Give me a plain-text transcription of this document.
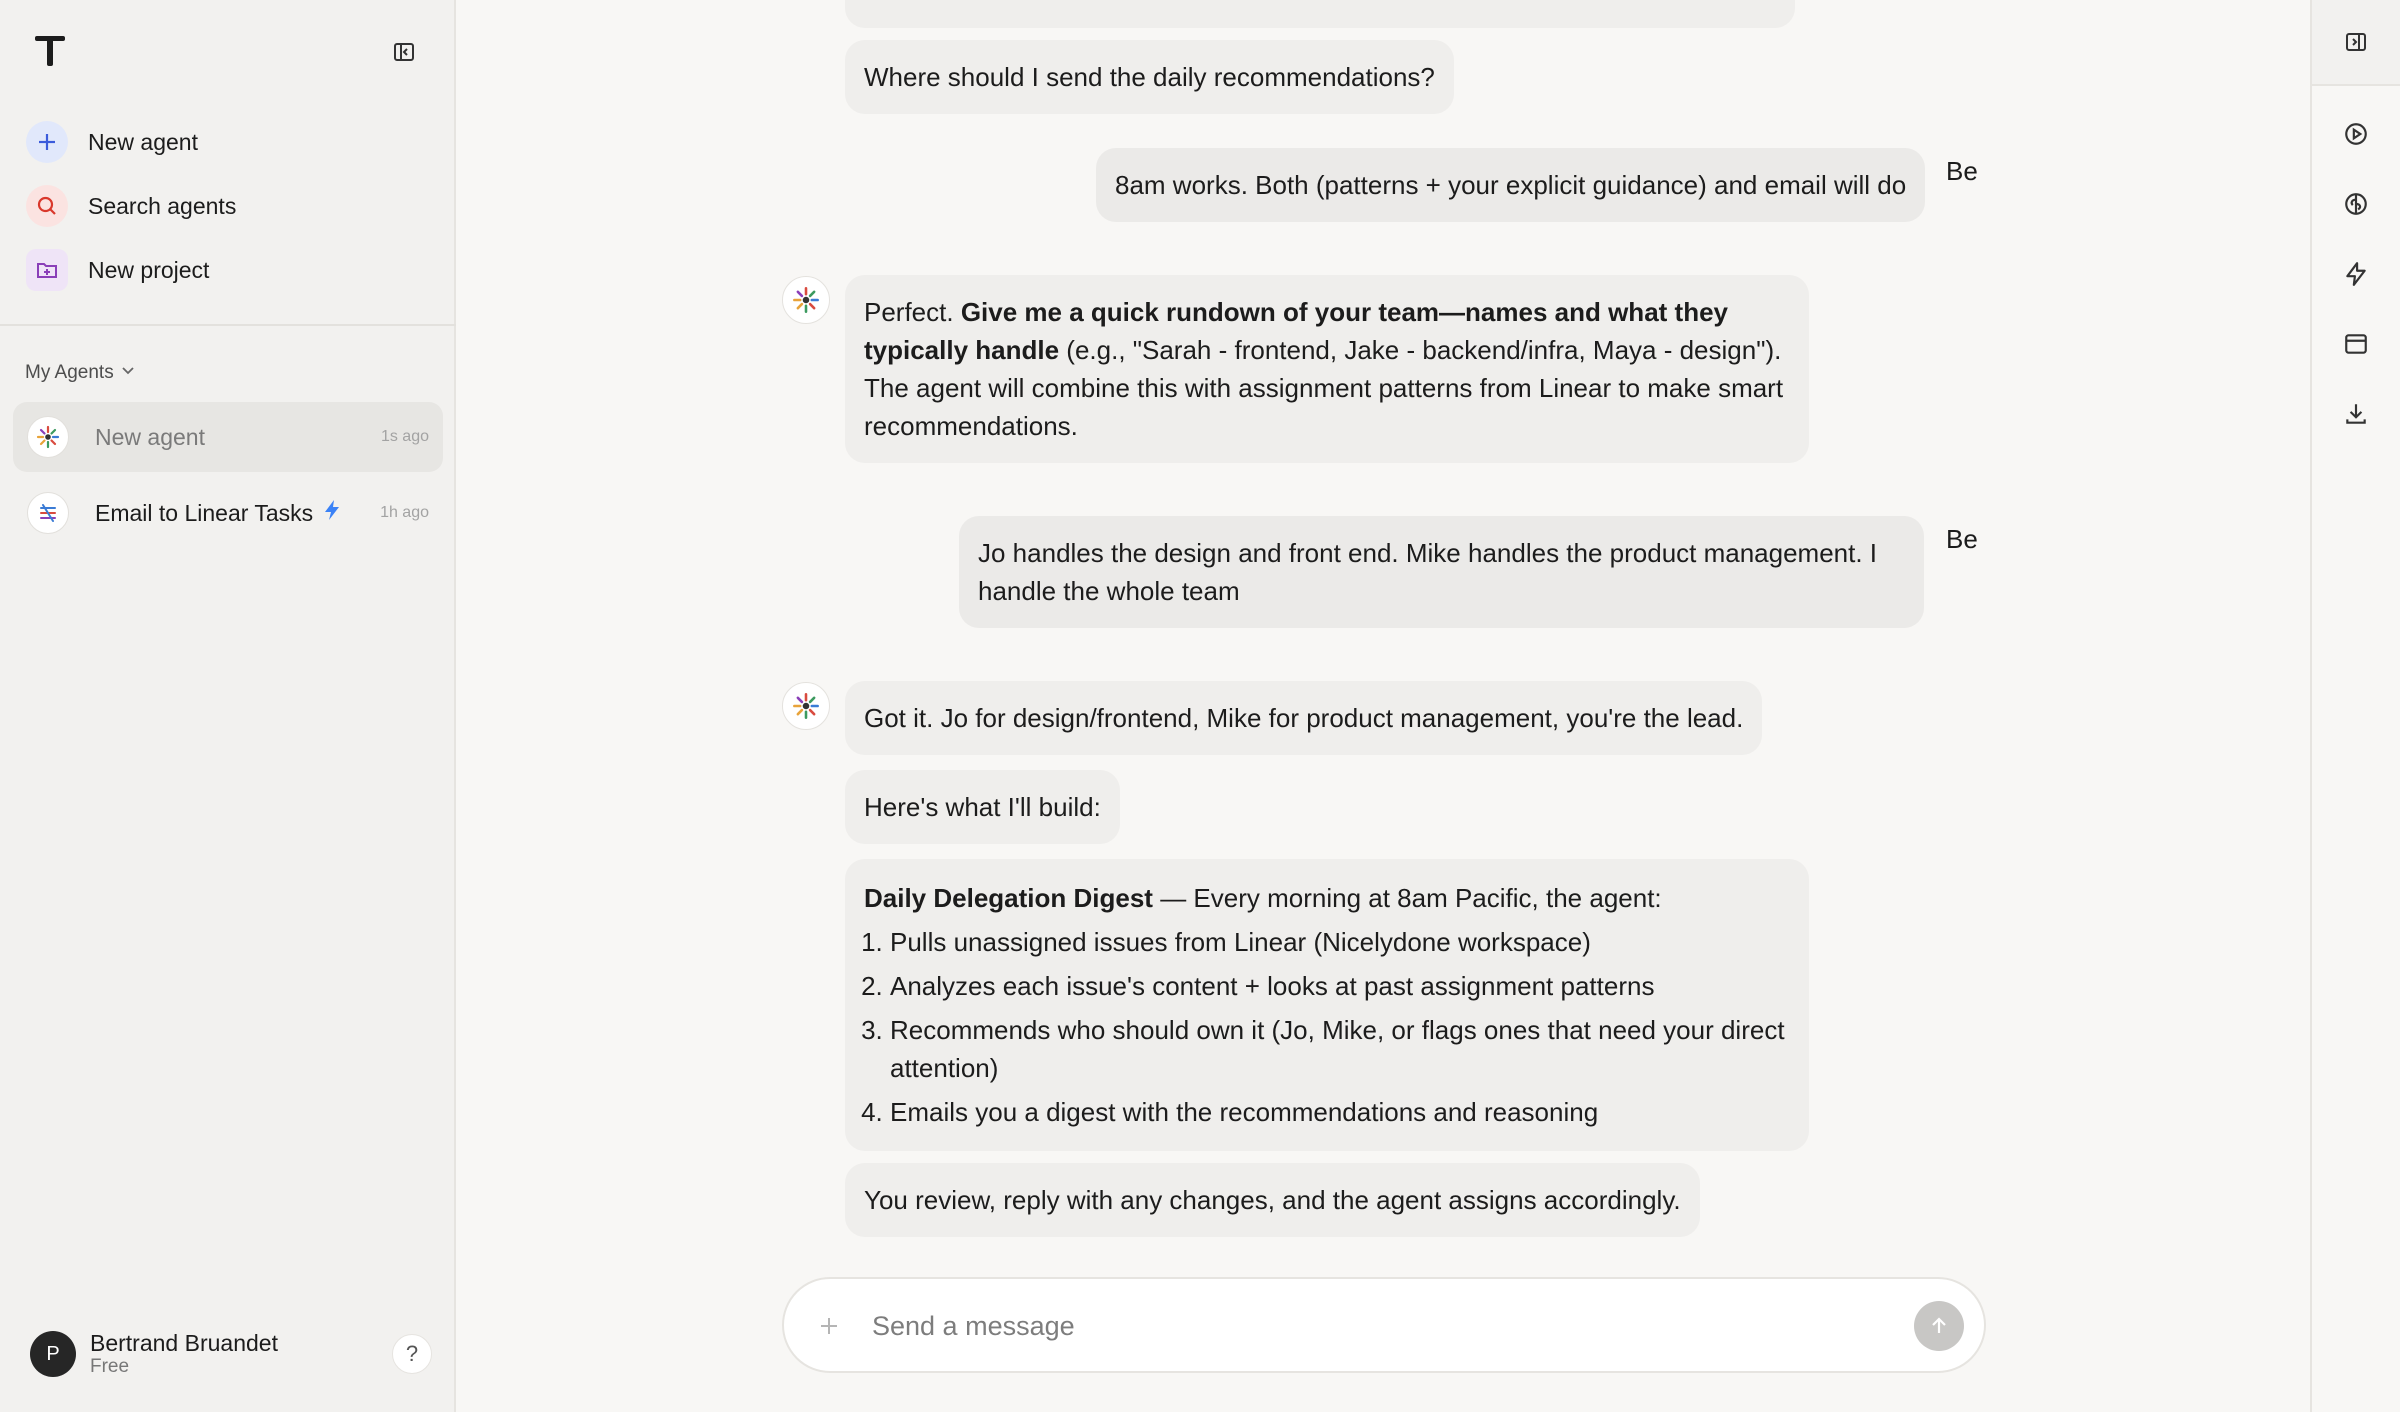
New agent
Search agents
New project
My Agents
New agent	1s ago
Email to Linear Tasks	1h ago
P	Bertrand Bruandet
Free
?
Where should I send the daily recommendations?
8am works. Both (patterns + your explicit guidance) and email will do	Be
Perfect. Give me a quick rundown of your team—names and what they typically handle (e.g., "Sarah - frontend, Jake - backend/infra, Maya - design"). The agent will combine this with assignment patterns from Linear to make smart recommendations.
Jo handles the design and front end. Mike handles the product management. I handle the whole team
Be
Got it. Jo for design/frontend, Mike for product management, you're the lead.
Here's what I'll build:
Daily Delegation Digest — Every morning at 8am Pacific, the agent:
1. Pulls unassigned issues from Linear (Nicelydone workspace)
2. Analyzes each issue's content + looks at past assignment patterns
3. Recommends who should own it (Jo, Mike, or flags ones that need your direct attention)
4. Emails you a digest with the recommendations and reasoning
You review, reply with any changes, and the agent assigns accordingly.
Send a message
